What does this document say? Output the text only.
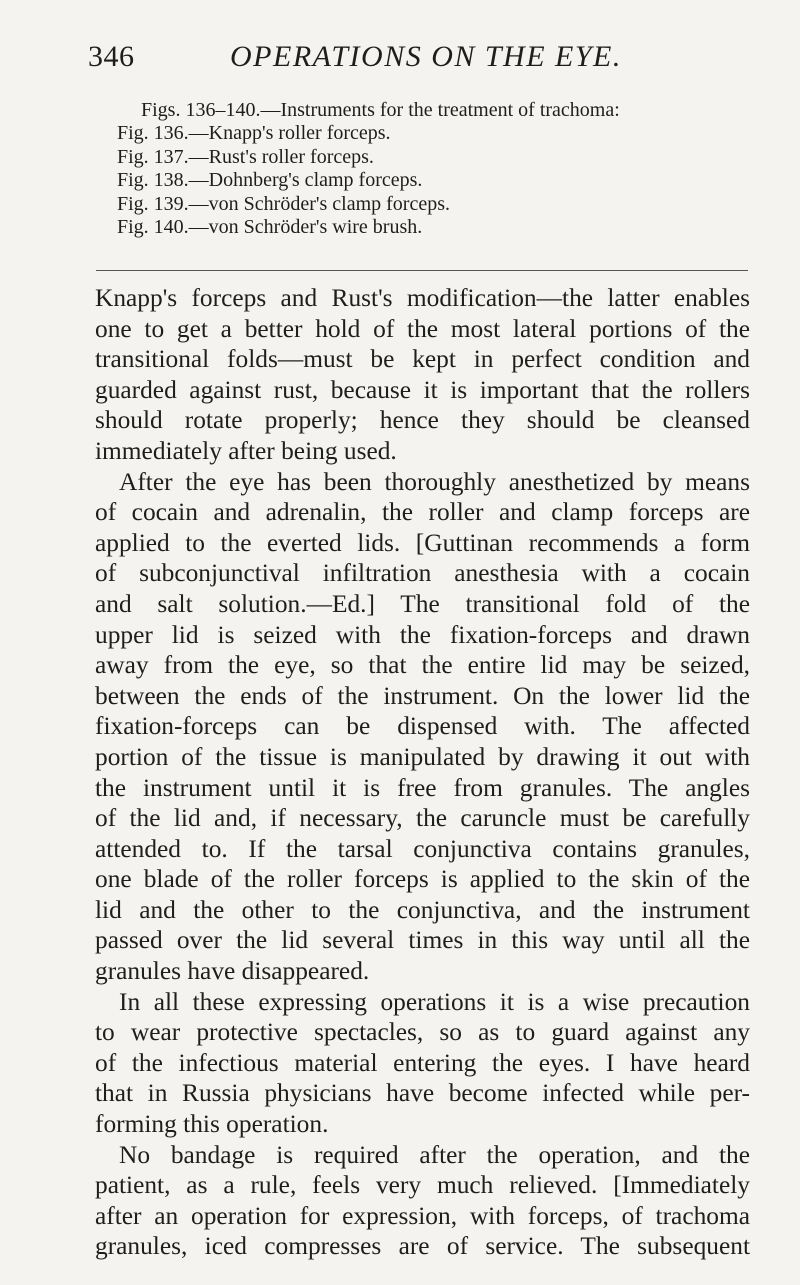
346	OPERATIONS ON THE EYE.
Figs. 136–140.—Instruments for the treatment of trachoma:
Fig. 136.—Knapp's roller forceps.
Fig. 137.—Rust's roller forceps.
Fig. 138.—Dohnberg's clamp forceps.
Fig. 139.—von Schröder's clamp forceps.
Fig. 140.—von Schröder's wire brush.
Knapp's forceps and Rust's modification—the latter enables
one to get a better hold of the most lateral portions of the
transitional folds—must be kept in perfect condition and
guarded against rust, because it is important that the rollers
should rotate properly; hence they should be cleansed
immediately after being used.
After the eye has been thoroughly anesthetized by means
of cocain and adrenalin, the roller and clamp forceps are
applied to the everted lids. [Guttinan recommends a form
of subconjunctival infiltration anesthesia with a cocain
and salt solution.—Ed.] The transitional fold of the
upper lid is seized with the fixation-forceps and drawn
away from the eye, so that the entire lid may be seized,
between the ends of the instrument. On the lower lid the
fixation-forceps can be dispensed with. The affected
portion of the tissue is manipulated by drawing it out with
the instrument until it is free from granules. The angles
of the lid and, if necessary, the caruncle must be carefully
attended to. If the tarsal conjunctiva contains granules,
one blade of the roller forceps is applied to the skin of the
lid and the other to the conjunctiva, and the instrument
passed over the lid several times in this way until all the
granules have disappeared.
In all these expressing operations it is a wise precaution
to wear protective spectacles, so as to guard against any
of the infectious material entering the eyes. I have heard
that in Russia physicians have become infected while per-
forming this operation.
No bandage is required after the operation, and the
patient, as a rule, feels very much relieved. [Immediately
after an operation for expression, with forceps, of trachoma
granules, iced compresses are of service. The subsequent
